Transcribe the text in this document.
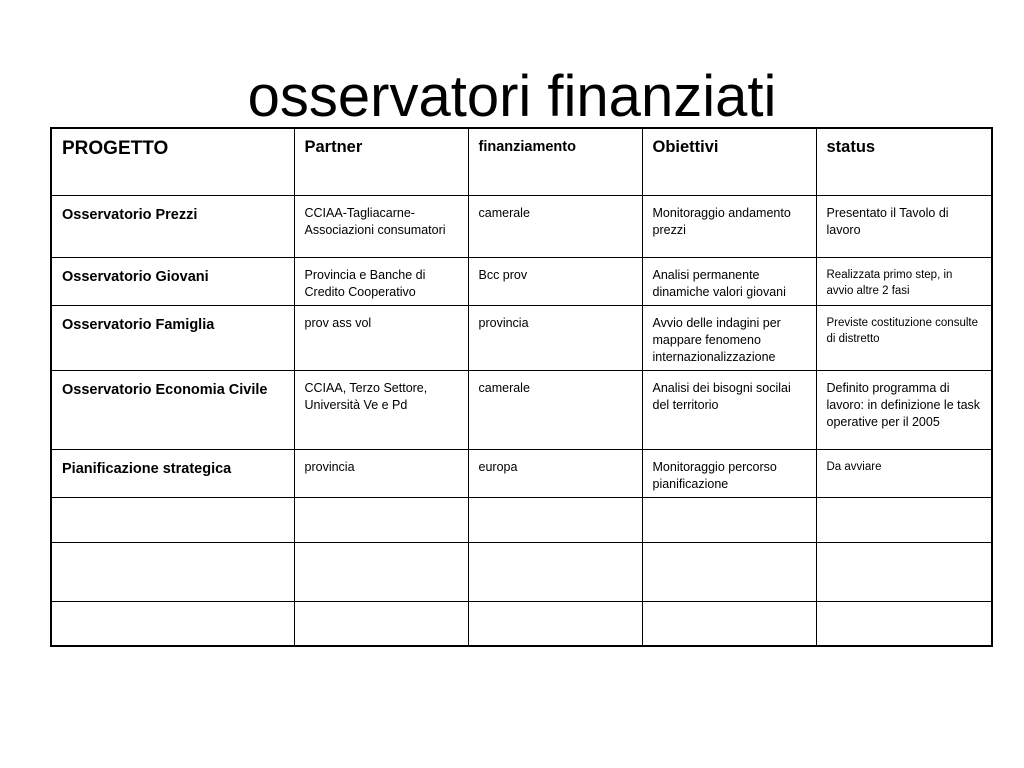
osservatori finanziati
PROGETTO	Partner	finanziamento	Obiettivi	status
Osservatorio Prezzi	CCIAA-Tagliacarne-Associazioni consumatori	camerale	Monitoraggio andamento prezzi	Presentato il Tavolo di lavoro
Osservatorio Giovani	Provincia e Banche di Credito Cooperativo	Bcc prov	Analisi permanente dinamiche valori giovani	Realizzata primo step, in avvio altre 2 fasi
Osservatorio Famiglia	prov ass vol	provincia	Avvio delle indagini per mappare fenomeno internazionalizzazione	Previste costituzione consulte di distretto
Osservatorio Economia Civile	CCIAA, Terzo Settore, Università Ve e Pd	camerale	Analisi dei bisogni socilai del territorio	Definito programma di lavoro: in definizione le task operative per il 2005
Pianificazione strategica	provincia	europa	Monitoraggio percorso pianificazione	Da avviare
